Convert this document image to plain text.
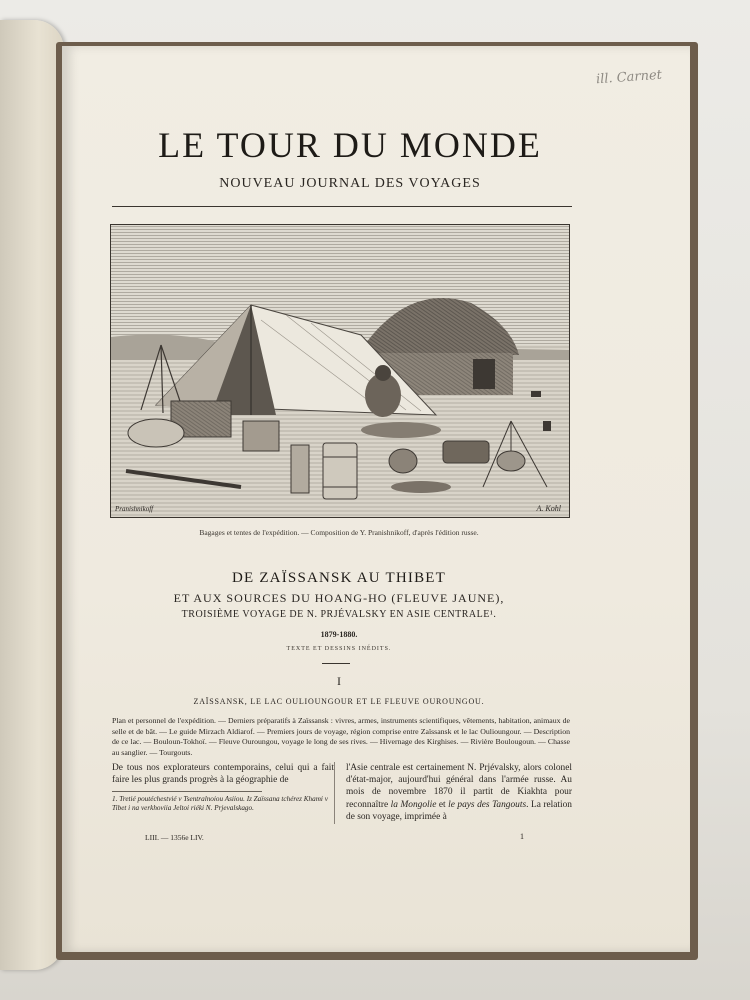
ill. Carnet
LE TOUR DU MONDE
NOUVEAU JOURNAL DES VOYAGES
Pranishnikoff	A. Kohl
Bagages et tentes de l'expédition. — Composition de Y. Pranishnikoff, d'après l'édition russe.
DE ZAÏSSANSK AU THIBET
ET AUX SOURCES DU HOANG-HO (FLEUVE JAUNE),
TROISIÈME VOYAGE DE N. PRJÉVALSKY EN ASIE CENTRALE¹.
1879-1880.
TEXTE ET DESSINS INÉDITS.
I
ZAÏSSANSK, LE LAC OULIOUNGOUR ET LE FLEUVE OUROUNGOU.
Plan et personnel de l'expédition. — Derniers préparatifs à Zaïssansk : vivres, armes, instruments scientifiques, vêtements, habitation, animaux de selle et de bât. — Le guide Mirzach Aldiarof. — Premiers jours de voyage, région comprise entre Zaïssansk et le lac Oulioungour. — Description de ce lac. — Bouloun-Tokhoï. — Fleuve Ouroungou, voyage le long de ses rives. — Hivernage des Kirghises. — Rivière Boulougoun. — Chasse au sanglier. — Tourgouts.
De tous nos explorateurs contemporains, celui qui a fait faire les plus grands progrès à la géographie de
l'Asie centrale est certainement N. Prjévalsky, alors colonel d'état-major, aujourd'hui général dans l'armée russe. Au mois de novembre 1870 il partit de Kiakhta pour reconnaître la Mongolie et le pays des Tangouts. La relation de son voyage, imprimée à
1. Tretié poutéchestvié v Tsentralnoiou Asiiou. Iz Zaïssana tchérez Khami v Tibet i na verkhoviia Jeltoi riéki N. Prjevalskago.
LIII. — 1356e LIV.	1
